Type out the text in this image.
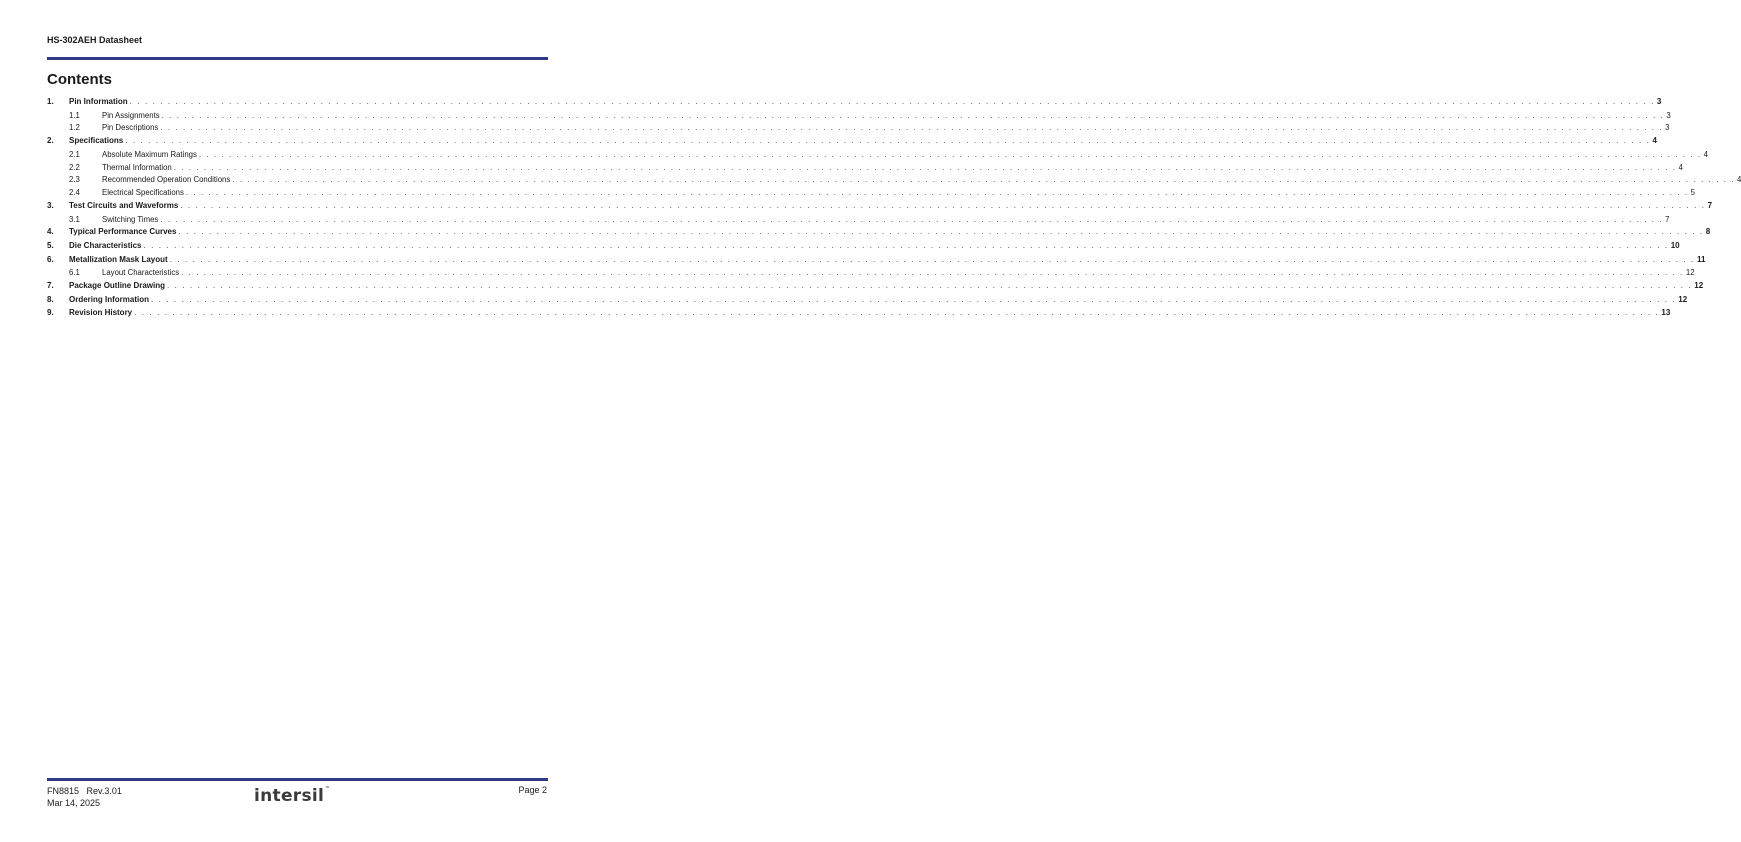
HS-302AEH Datasheet
Contents
1.	Pin Information . . . . . . . . . . . . . . . . . . . . . . . . . . . . . . . . . . . . . . . . . . . . . . . . . . . . . . . . . . . . . . . . . . . . . . . . . . . . . . . . . . . . . . . . . . . . . . . . . . . . . . . . . . . . . . . . . . . . . . . . . . . . . . . . . . . . . . . . . . . . . . . . . . . . . . . . . . . . . . . . . . . . . . . . . . . . . . . . . . . . . . . . . . . . . . . . . . . . . . . . 3
1.1	Pin Assignments . . . . . . . . . . . . . . . . . . . . . . . . . . . . . . . . . . . . . . . . . . . . . . . . . . . . . . . . . . . . . . . . . . . . . . . . . . . . . . . . . . . . . . . . . . . . . . . . . . . . . . . . . . . . . . . . . . . . . . . . . . . . . . . . . . . . . . . . . . . . . . . . . . . . . . . . . . . . . . . . . . . . . . . . . . . . . . . . . . . . . . . . . . . . . . . . . . . . . . . . 3
1.2	Pin Descriptions . . . . . . . . . . . . . . . . . . . . . . . . . . . . . . . . . . . . . . . . . . . . . . . . . . . . . . . . . . . . . . . . . . . . . . . . . . . . . . . . . . . . . . . . . . . . . . . . . . . . . . . . . . . . . . . . . . . . . . . . . . . . . . . . . . . . . . . . . . . . . . . . . . . . . . . . . . . . . . . . . . . . . . . . . . . . . . . . . . . . . . . . . . . . . . . . . . . . . . . . 3
2.	Specifications . . . . . . . . . . . . . . . . . . . . . . . . . . . . . . . . . . . . . . . . . . . . . . . . . . . . . . . . . . . . . . . . . . . . . . . . . . . . . . . . . . . . . . . . . . . . . . . . . . . . . . . . . . . . . . . . . . . . . . . . . . . . . . . . . . . . . . . . . . . . . . . . . . . . . . . . . . . . . . . . . . . . . . . . . . . . . . . . . . . . . . . . . . . . . . . . . . . . . . . . 4
2.1	Absolute Maximum Ratings . . . . . . . . . . . . . . . . . . . . . . . . . . . . . . . . . . . . . . . . . . . . . . . . . . . . . . . . . . . . . . . . . . . . . . . . . . . . . . . . . . . . . . . . . . . . . . . . . . . . . . . . . . . . . . . . . . . . . . . . . . . . . . . . . . . . . . . . . . . . . . . . . . . . . . . . . . . . . . . . . . . . . . . . . . . . . . . . . . . . . . . . . . . . . . . . . . . . . . . . 4
2.2	Thermal Information . . . . . . . . . . . . . . . . . . . . . . . . . . . . . . . . . . . . . . . . . . . . . . . . . . . . . . . . . . . . . . . . . . . . . . . . . . . . . . . . . . . . . . . . . . . . . . . . . . . . . . . . . . . . . . . . . . . . . . . . . . . . . . . . . . . . . . . . . . . . . . . . . . . . . . . . . . . . . . . . . . . . . . . . . . . . . . . . . . . . . . . . . . . . . . . . . . . . . . . . 4
2.3	Recommended Operation Conditions . . . . . . . . . . . . . . . . . . . . . . . . . . . . . . . . . . . . . . . . . . . . . . . . . . . . . . . . . . . . . . . . . . . . . . . . . . . . . . . . . . . . . . . . . . . . . . . . . . . . . . . . . . . . . . . . . . . . . . . . . . . . . . . . . . . . . . . . . . . . . . . . . . . . . . . . . . . . . . . . . . . . . . . . . . . . . . . . . . . . . . . . . . . . . . . . . . . . . . . . 4
2.4	Electrical Specifications . . . . . . . . . . . . . . . . . . . . . . . . . . . . . . . . . . . . . . . . . . . . . . . . . . . . . . . . . . . . . . . . . . . . . . . . . . . . . . . . . . . . . . . . . . . . . . . . . . . . . . . . . . . . . . . . . . . . . . . . . . . . . . . . . . . . . . . . . . . . . . . . . . . . . . . . . . . . . . . . . . . . . . . . . . . . . . . . . . . . . . . . . . . . . . . . . . . . . . . . 5
3.	Test Circuits and Waveforms . . . . . . . . . . . . . . . . . . . . . . . . . . . . . . . . . . . . . . . . . . . . . . . . . . . . . . . . . . . . . . . . . . . . . . . . . . . . . . . . . . . . . . . . . . . . . . . . . . . . . . . . . . . . . . . . . . . . . . . . . . . . . . . . . . . . . . . . . . . . . . . . . . . . . . . . . . . . . . . . . . . . . . . . . . . . . . . . . . . . . . . . . . . . . . . . . . . . . . . . 7
3.1	Switching Times . . . . . . . . . . . . . . . . . . . . . . . . . . . . . . . . . . . . . . . . . . . . . . . . . . . . . . . . . . . . . . . . . . . . . . . . . . . . . . . . . . . . . . . . . . . . . . . . . . . . . . . . . . . . . . . . . . . . . . . . . . . . . . . . . . . . . . . . . . . . . . . . . . . . . . . . . . . . . . . . . . . . . . . . . . . . . . . . . . . . . . . . . . . . . . . . . . . . . . . . 7
4.	Typical Performance Curves . . . . . . . . . . . . . . . . . . . . . . . . . . . . . . . . . . . . . . . . . . . . . . . . . . . . . . . . . . . . . . . . . . . . . . . . . . . . . . . . . . . . . . . . . . . . . . . . . . . . . . . . . . . . . . . . . . . . . . . . . . . . . . . . . . . . . . . . . . . . . . . . . . . . . . . . . . . . . . . . . . . . . . . . . . . . . . . . . . . . . . . . . . . . . . . . . . . . . . . . 8
5.	Die Characteristics . . . . . . . . . . . . . . . . . . . . . . . . . . . . . . . . . . . . . . . . . . . . . . . . . . . . . . . . . . . . . . . . . . . . . . . . . . . . . . . . . . . . . . . . . . . . . . . . . . . . . . . . . . . . . . . . . . . . . . . . . . . . . . . . . . . . . . . . . . . . . . . . . . . . . . . . . . . . . . . . . . . . . . . . . . . . . . . . . . . . . . . . . . . . . . . . . . . . . . . . 10
6.	Metallization Mask Layout . . . . . . . . . . . . . . . . . . . . . . . . . . . . . . . . . . . . . . . . . . . . . . . . . . . . . . . . . . . . . . . . . . . . . . . . . . . . . . . . . . . . . . . . . . . . . . . . . . . . . . . . . . . . . . . . . . . . . . . . . . . . . . . . . . . . . . . . . . . . . . . . . . . . . . . . . . . . . . . . . . . . . . . . . . . . . . . . . . . . . . . . . . . . . . . . . . . . . . . . 11
6.1	Layout Characteristics . . . . . . . . . . . . . . . . . . . . . . . . . . . . . . . . . . . . . . . . . . . . . . . . . . . . . . . . . . . . . . . . . . . . . . . . . . . . . . . . . . . . . . . . . . . . . . . . . . . . . . . . . . . . . . . . . . . . . . . . . . . . . . . . . . . . . . . . . . . . . . . . . . . . . . . . . . . . . . . . . . . . . . . . . . . . . . . . . . . . . . . . . . . . . . . . . . . . . . . . 12
7.	Package Outline Drawing . . . . . . . . . . . . . . . . . . . . . . . . . . . . . . . . . . . . . . . . . . . . . . . . . . . . . . . . . . . . . . . . . . . . . . . . . . . . . . . . . . . . . . . . . . . . . . . . . . . . . . . . . . . . . . . . . . . . . . . . . . . . . . . . . . . . . . . . . . . . . . . . . . . . . . . . . . . . . . . . . . . . . . . . . . . . . . . . . . . . . . . . . . . . . . . . . . . . . . . . 12
8.	Ordering Information . . . . . . . . . . . . . . . . . . . . . . . . . . . . . . . . . . . . . . . . . . . . . . . . . . . . . . . . . . . . . . . . . . . . . . . . . . . . . . . . . . . . . . . . . . . . . . . . . . . . . . . . . . . . . . . . . . . . . . . . . . . . . . . . . . . . . . . . . . . . . . . . . . . . . . . . . . . . . . . . . . . . . . . . . . . . . . . . . . . . . . . . . . . . . . . . . . . . . . . . 12
9.	Revision History . . . . . . . . . . . . . . . . . . . . . . . . . . . . . . . . . . . . . . . . . . . . . . . . . . . . . . . . . . . . . . . . . . . . . . . . . . . . . . . . . . . . . . . . . . . . . . . . . . . . . . . . . . . . . . . . . . . . . . . . . . . . . . . . . . . . . . . . . . . . . . . . . . . . . . . . . . . . . . . . . . . . . . . . . . . . . . . . . . . . . . . . . . . . . . . . . . . . . . . . 13
FN8815 Rev.3.01
Mar 14, 2025	intersil™	Page 2
